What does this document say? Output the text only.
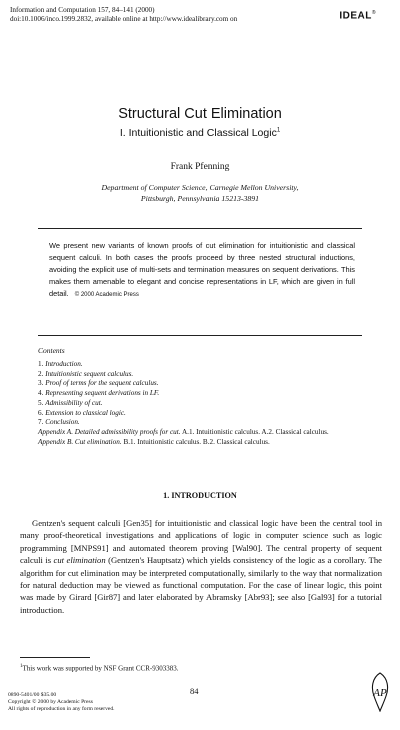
Information and Computation 157, 84–141 (2000)
doi:10.1006/inco.1999.2832, available online at http://www.idealibrary.com on	IDEAL®
Structural Cut Elimination
I. Intuitionistic and Classical Logic$^1$
Frank Pfenning
Department of Computer Science, Carnegie Mellon University,
Pittsburgh, Pennsylvania 15213-3891
We present new variants of known proofs of cut elimination for intuitionistic and classical sequent calculi. In both cases the proofs proceed by three nested structural inductions, avoiding the explicit use of multi-sets and termination measures on sequent derivations. This makes them amenable to elegant and concise representations in LF, which are given in full detail. © 2000 Academic Press
Contents
1. Introduction.
2. Intuitionistic sequent calculus.
3. Proof of terms for the sequent calculus.
4. Representing sequent derivations in LF.
5. Admissibility of cut.
6. Extension to classical logic.
7. Conclusion.
Appendix A. Detailed admissibility proofs for cut. A.1. Intuitionistic calculus. A.2. Classical calculus.
Appendix B. Cut elimination. B.1. Intuitionistic calculus. B.2. Classical calculus.
1. INTRODUCTION

Gentzen's sequent calculi [Gen35] for intuitionistic and classical logic have been the central tool in many proof-theoretical investigations and applications of logic in computer science such as logic programming [MNPS91] and automated theorem proving [Wal90]. The central property of sequent calculi is cut elimination (Gentzen's Hauptsatz) which yields consistency of the logic as a corollary. The algorithm for cut elimination may be interpreted computationally, similarly to the way that normalization for natural deduction may be viewed as functional computation. For the case of linear logic, this point was made by Girard [Gir87] and later elaborated by Abramsky [Abr93]; see also [Gal93] for a tutorial introduction.

$^1$This work was supported by NSF Grant CCR-9303383.
0890-5401/00 $35.00
Copyright © 2000 by Academic Press
All rights of reproduction in any form reserved.
84	AP
